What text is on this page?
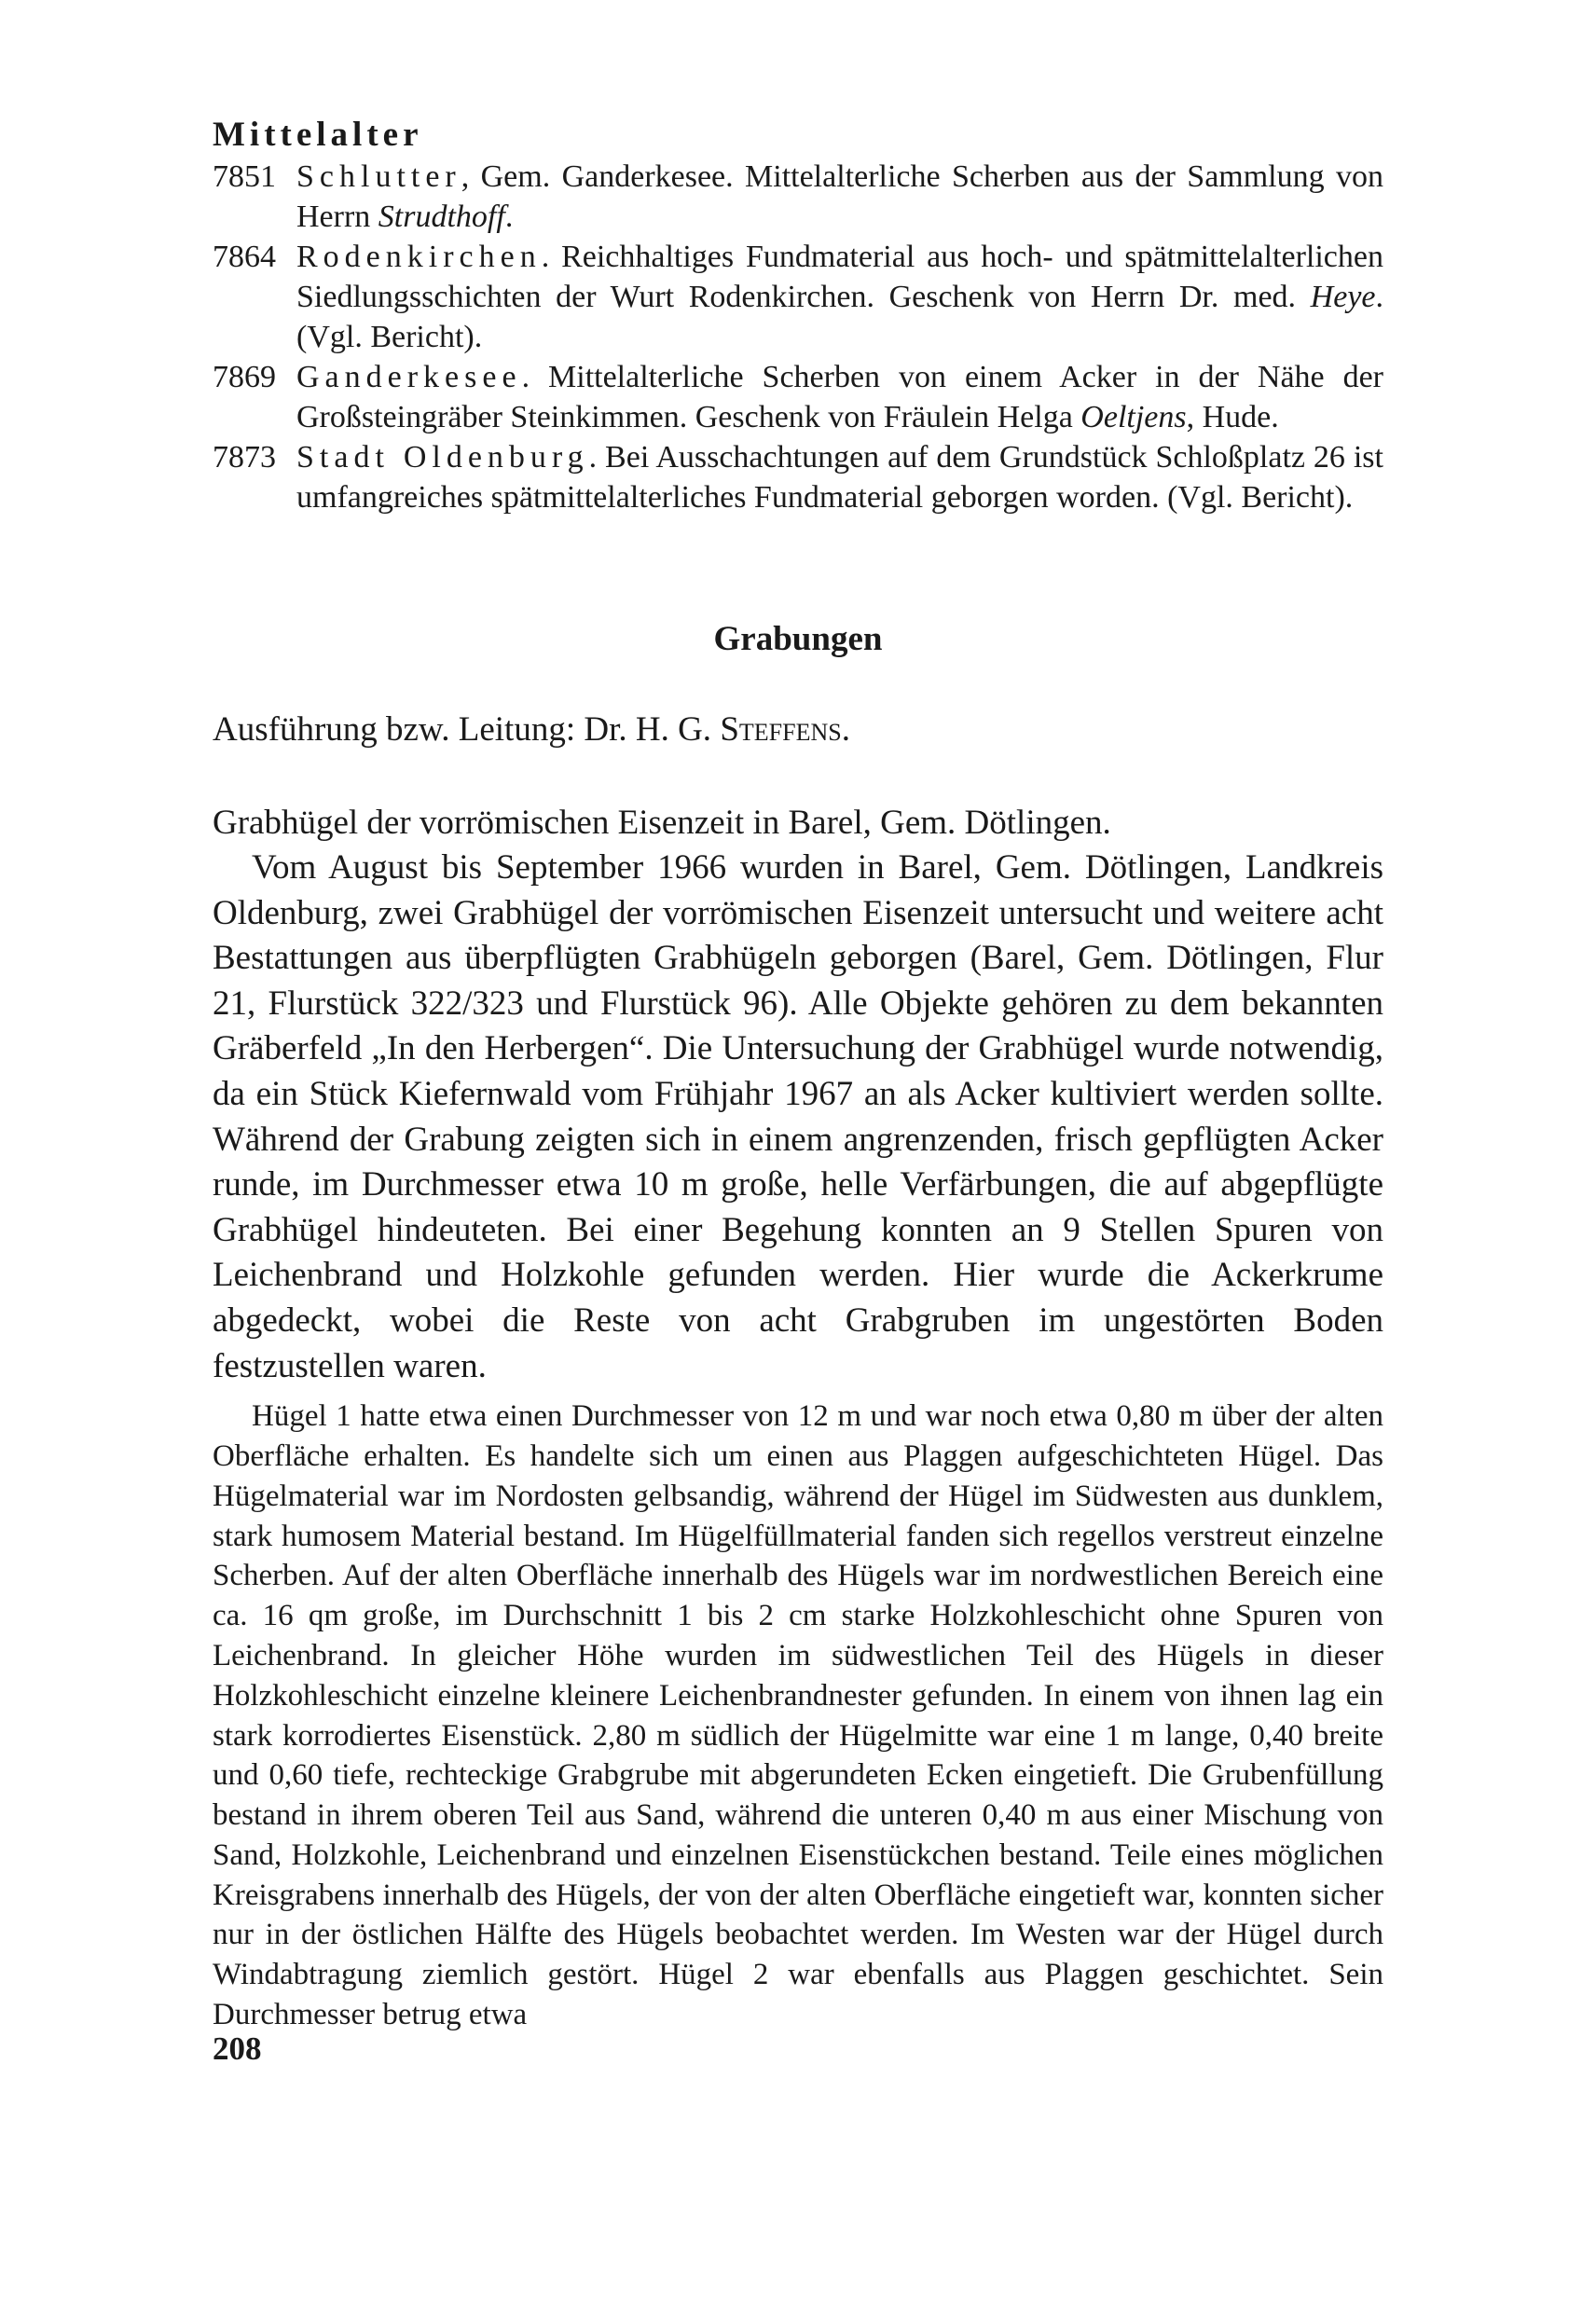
Mittelalter

7851 Schlutter, Gem. Ganderkesee. Mittelalterliche Scherben aus der Sammlung von Herrn Strudthoff.

7864 Rodenkirchen. Reichhaltiges Fundmaterial aus hoch- und spätmittelalterlichen Siedlungsschichten der Wurt Rodenkirchen. Geschenk von Herrn Dr. med. Heye. (Vgl. Bericht).

7869 Ganderkesee. Mittelalterliche Scherben von einem Acker in der Nähe der Großsteingräber Steinkimmen. Geschenk von Fräulein Helga Oeltjens, Hude.

7873 Stadt Oldenburg. Bei Ausschachtungen auf dem Grundstück Schloßplatz 26 ist umfangreiches spätmittelalterliches Fundmaterial geborgen worden. (Vgl. Bericht).

Grabungen

Ausführung bzw. Leitung: Dr. H. G. Steffens.

Grabhügel der vorrömischen Eisenzeit in Barel, Gem. Dötlingen.

Vom August bis September 1966 wurden in Barel, Gem. Dötlingen, Landkreis Oldenburg, zwei Grabhügel der vorrömischen Eisenzeit untersucht und weitere acht Bestattungen aus überpflügten Grabhügeln geborgen (Barel, Gem. Dötlingen, Flur 21, Flurstück 322/323 und Flurstück 96). Alle Objekte gehören zu dem bekannten Gräberfeld „In den Herbergen“. Die Untersuchung der Grabhügel wurde notwendig, da ein Stück Kiefernwald vom Frühjahr 1967 an als Acker kultiviert werden sollte. Während der Grabung zeigten sich in einem angrenzenden, frisch gepflügten Acker runde, im Durchmesser etwa 10 m große, helle Verfärbungen, die auf abgepflügte Grabhügel hindeuteten. Bei einer Begehung konnten an 9 Stellen Spuren von Leichenbrand und Holzkohle gefunden werden. Hier wurde die Ackerkrume abgedeckt, wobei die Reste von acht Grabgruben im ungestörten Boden festzustellen waren.

Hügel 1 hatte etwa einen Durchmesser von 12 m und war noch etwa 0,80 m über der alten Oberfläche erhalten. Es handelte sich um einen aus Plaggen aufgeschichteten Hügel. Das Hügelmaterial war im Nordosten gelbsandig, während der Hügel im Südwesten aus dunklem, stark humosem Material bestand. Im Hügelfüllmaterial fanden sich regellos verstreut einzelne Scherben. Auf der alten Oberfläche innerhalb des Hügels war im nordwestlichen Bereich eine ca. 16 qm große, im Durchschnitt 1 bis 2 cm starke Holzkohleschicht ohne Spuren von Leichenbrand. In gleicher Höhe wurden im südwestlichen Teil des Hügels in dieser Holzkohleschicht einzelne kleinere Leichenbrandnester gefunden. In einem von ihnen lag ein stark korrodiertes Eisenstück. 2,80 m südlich der Hügelmitte war eine 1 m lange, 0,40 breite und 0,60 tiefe, rechteckige Grabgrube mit abgerundeten Ecken eingetieft. Die Grubenfüllung bestand in ihrem oberen Teil aus Sand, während die unteren 0,40 m aus einer Mischung von Sand, Holzkohle, Leichenbrand und einzelnen Eisenstückchen bestand. Teile eines möglichen Kreisgrabens innerhalb des Hügels, der von der alten Oberfläche eingetieft war, konnten sicher nur in der östlichen Hälfte des Hügels beobachtet werden. Im Westen war der Hügel durch Windabtragung ziemlich gestört. Hügel 2 war ebenfalls aus Plaggen geschichtet. Sein Durchmesser betrug etwa

208
